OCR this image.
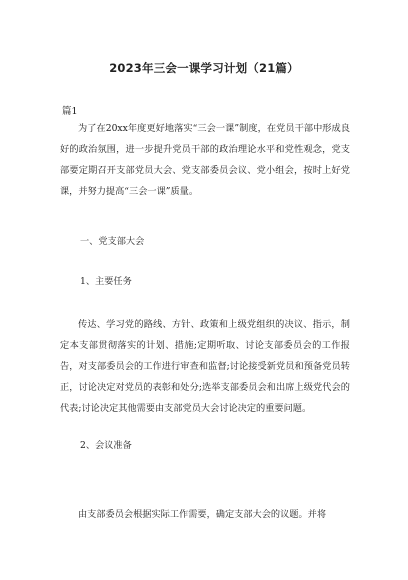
2023年三会一课学习计划（21篇）
篇1

为了在20xx年度更好地落实“三会一课”制度，在党员干部中形成良好的政治氛围，进一步提升党员干部的政治理论水平和党性观念，党支部要定期召开支部党员大会、党支部委员会议、党小组会，按时上好党课，并努力提高“三会一课”质量。

一、党支部大会
1、主要任务

传达、学习党的路线、方针、政策和上级党组织的决议、指示，制定本支部贯彻落实的计划、措施;定期听取、讨论支部委员会的工作报告，对支部委员会的工作进行审查和监督;讨论接受新党员和预备党员转正，讨论决定对党员的表彰和处分;选举支部委员会和出席上级党代会的代表;讨论决定其他需要由支部党员大会讨论决定的重要问题。

2、会议准备

由支部委员会根据实际工作需要，确定支部大会的议题。并将
